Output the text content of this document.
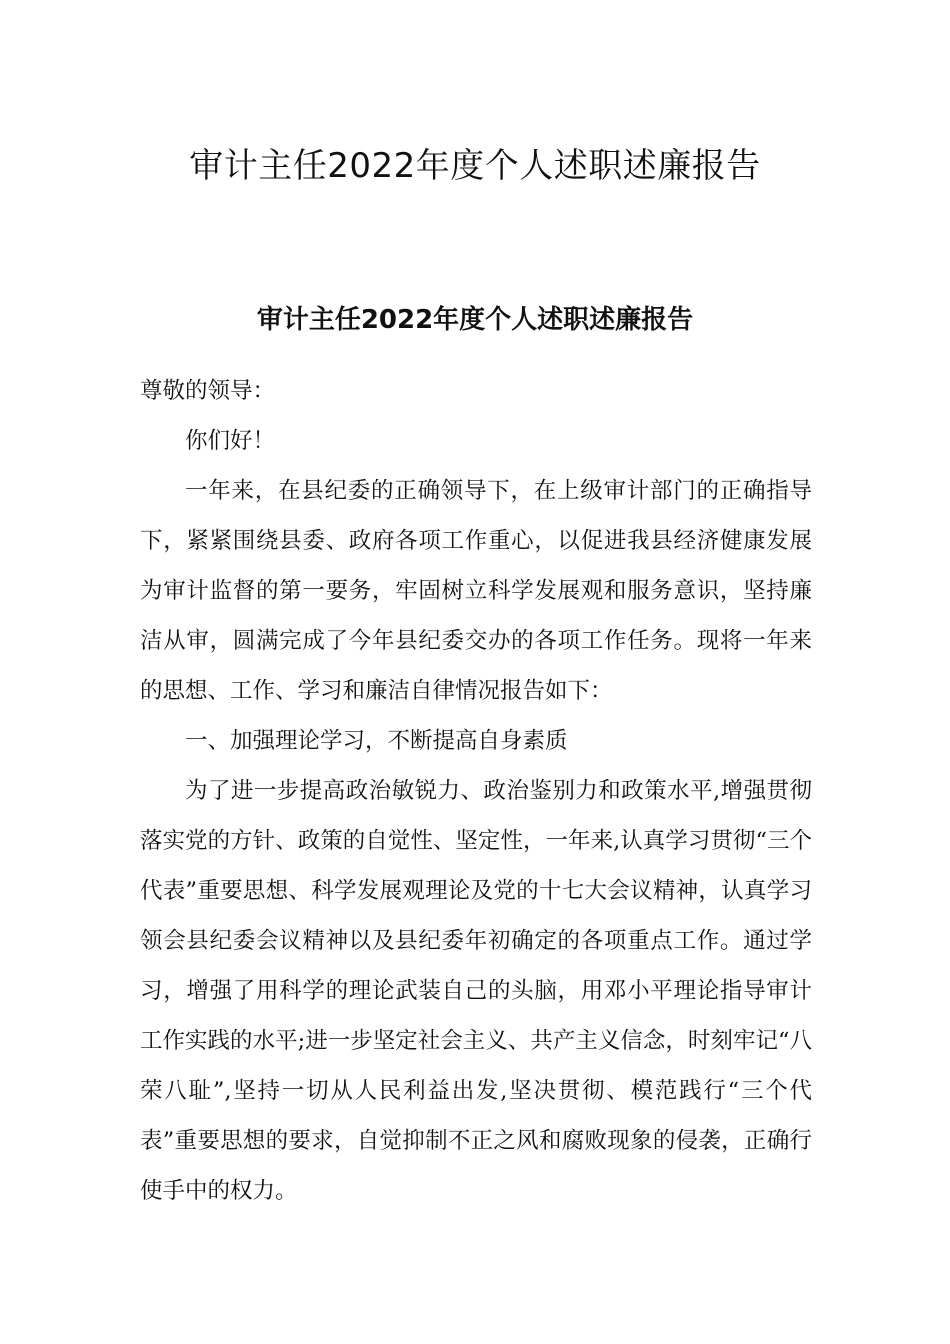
审计主任2022年度个人述职述廉报告
审计主任2022年度个人述职述廉报告

尊敬的领导：

你们好！

一年来，在县纪委的正确领导下，在上级审计部门的正确指导下，紧紧围绕县委、政府各项工作重心，以促进我县经济健康发展为审计监督的第一要务，牢固树立科学发展观和服务意识，坚持廉洁从审，圆满完成了今年县纪委交办的各项工作任务。现将一年来的思想、工作、学习和廉洁自律情况报告如下：

一、加强理论学习，不断提高自身素质

为了进一步提高政治敏锐力、政治鉴别力和政策水平,增强贯彻落实党的方针、政策的自觉性、坚定性，一年来,认真学习贯彻“三个代表”重要思想、科学发展观理论及党的十七大会议精神，认真学习领会县纪委会议精神以及县纪委年初确定的各项重点工作。通过学习，增强了用科学的理论武装自己的头脑，用邓小平理论指导审计工作实践的水平;进一步坚定社会主义、共产主义信念，时刻牢记“八荣八耻”,坚持一切从人民利益出发,坚决贯彻、模范践行“三个代表”重要思想的要求，自觉抑制不正之风和腐败现象的侵袭，正确行使手中的权力。
